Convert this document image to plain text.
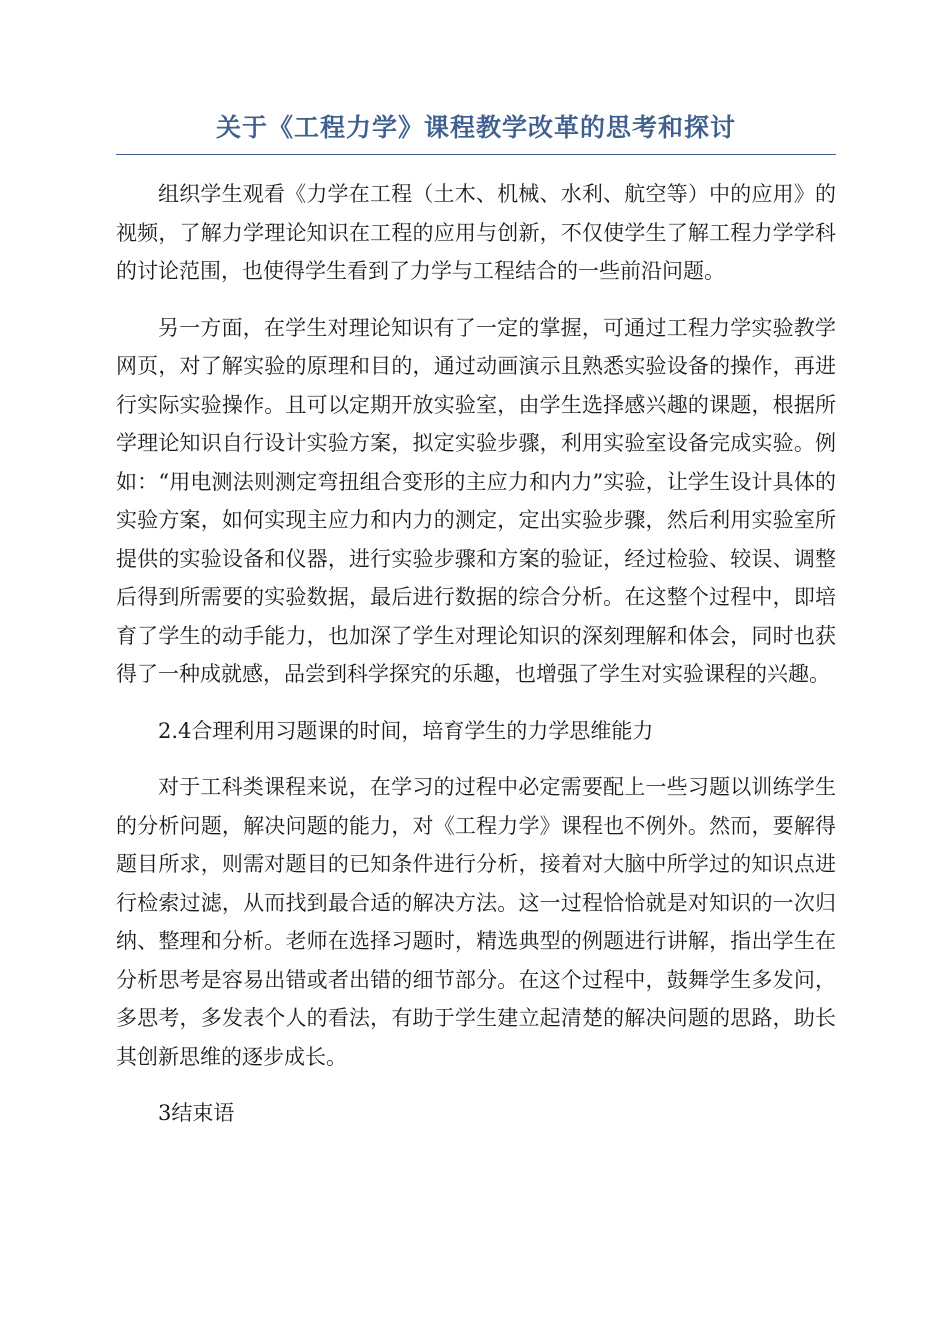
关于《工程力学》课程教学改革的思考和探讨

组织学生观看《力学在工程（土木、机械、水利、航空等）中的应用》的视频，了解力学理论知识在工程的应用与创新，不仅使学生了解工程力学学科的讨论范围，也使得学生看到了力学与工程结合的一些前沿问题。

另一方面，在学生对理论知识有了一定的掌握，可通过工程力学实验教学网页，对了解实验的原理和目的，通过动画演示且熟悉实验设备的操作，再进行实际实验操作。且可以定期开放实验室，由学生选择感兴趣的课题，根据所学理论知识自行设计实验方案，拟定实验步骤，利用实验室设备完成实验。例如：“用电测法则测定弯扭组合变形的主应力和内力”实验，让学生设计具体的实验方案，如何实现主应力和内力的测定，定出实验步骤，然后利用实验室所提供的实验设备和仪器，进行实验步骤和方案的验证，经过检验、较误、调整后得到所需要的实验数据，最后进行数据的综合分析。在这整个过程中，即培育了学生的动手能力，也加深了学生对理论知识的深刻理解和体会，同时也获得了一种成就感，品尝到科学探究的乐趣，也增强了学生对实验课程的兴趣。

2.4合理利用习题课的时间，培育学生的力学思维能力

对于工科类课程来说，在学习的过程中必定需要配上一些习题以训练学生的分析问题，解决问题的能力，对《工程力学》课程也不例外。然而，要解得题目所求，则需对题目的已知条件进行分析，接着对大脑中所学过的知识点进行检索过滤，从而找到最合适的解决方法。这一过程恰恰就是对知识的一次归纳、整理和分析。老师在选择习题时，精选典型的例题进行讲解，指出学生在分析思考是容易出错或者出错的细节部分。在这个过程中，鼓舞学生多发问，多思考，多发表个人的看法，有助于学生建立起清楚的解决问题的思路，助长其创新思维的逐步成长。

3结束语
